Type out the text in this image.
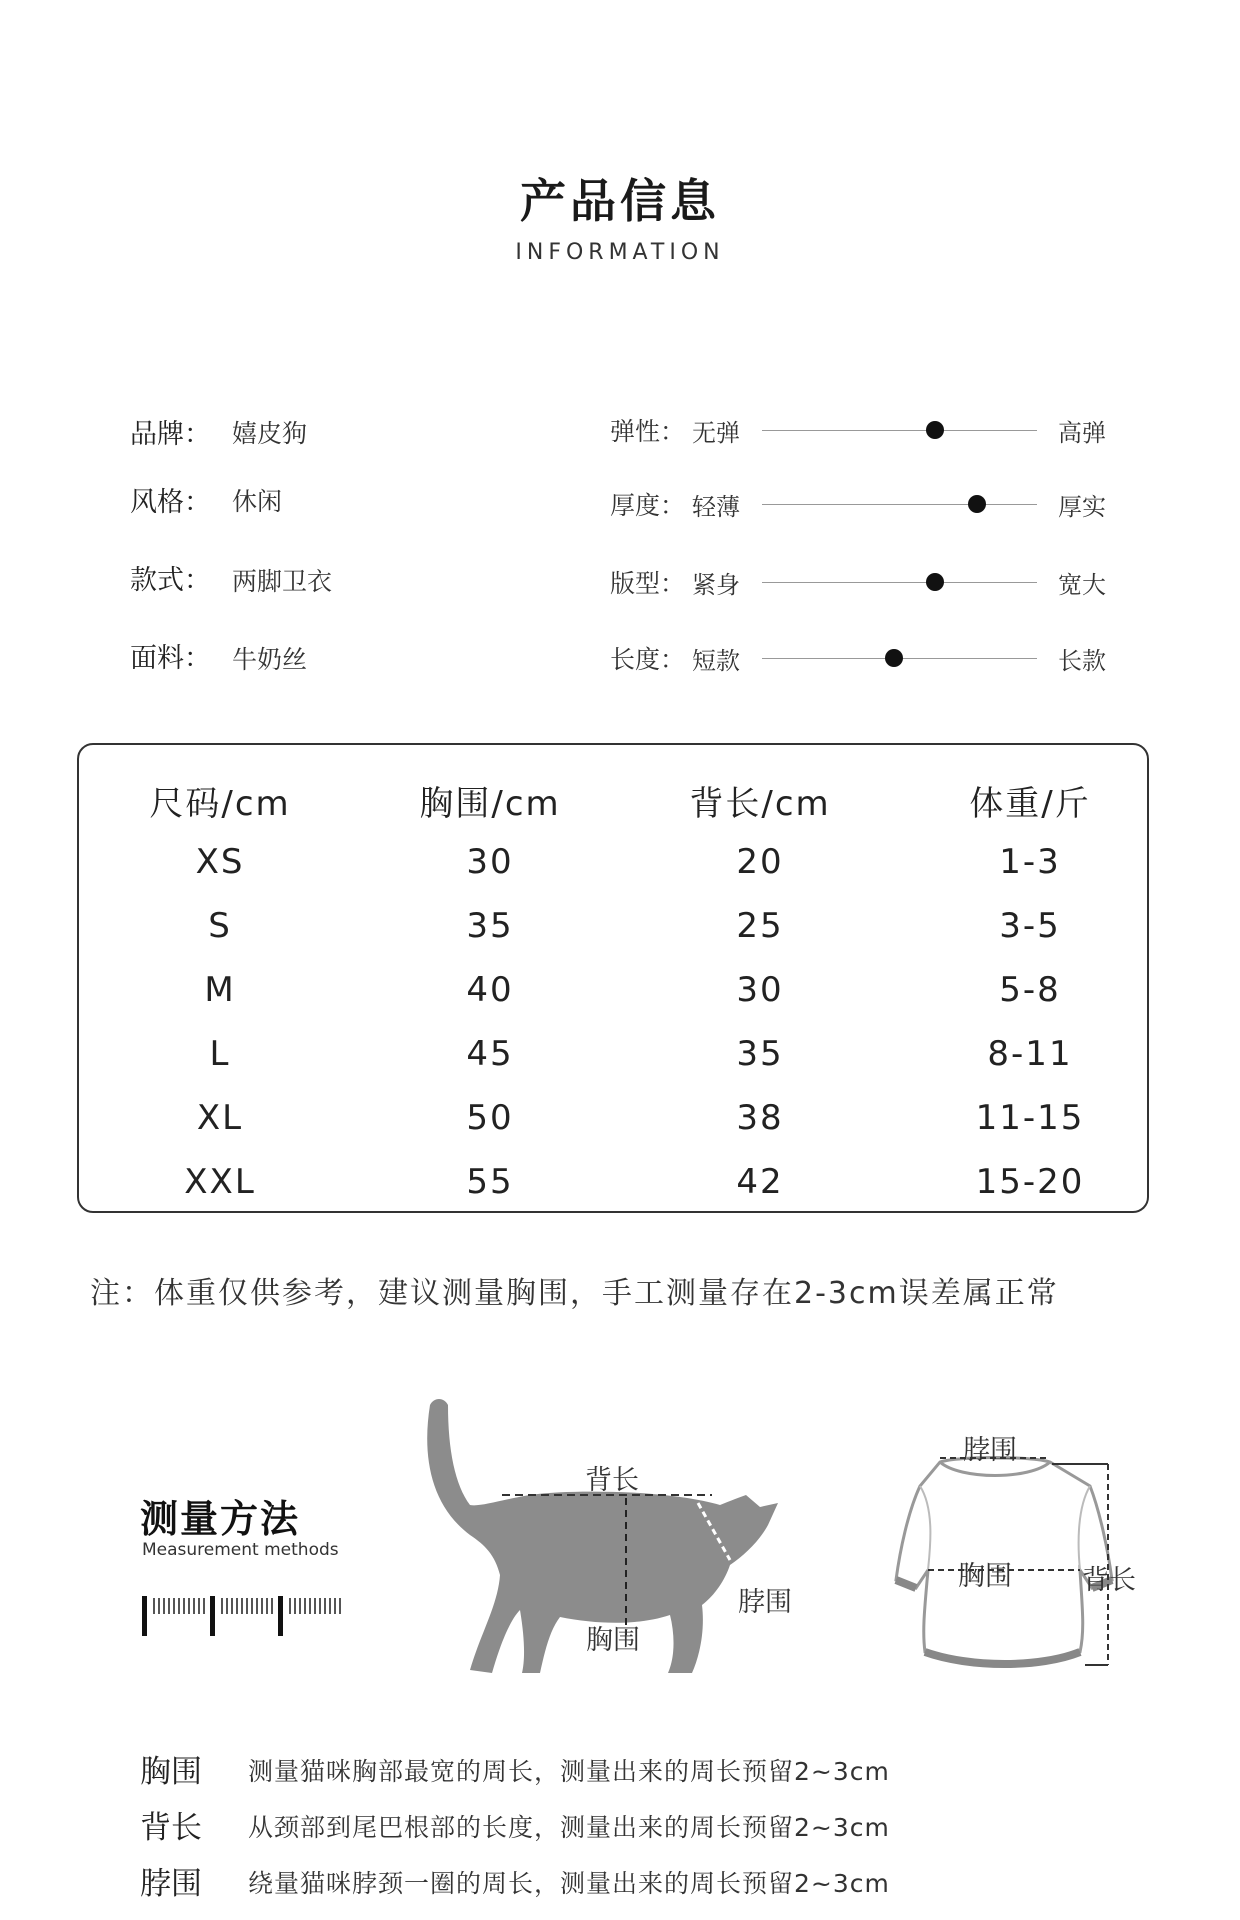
产品信息
INFORMATION
品牌： 嬉皮狗
风格： 休闲
款式： 两脚卫衣
面料： 牛奶丝
弹性： 无弹	高弹
厚度： 轻薄	厚实
版型： 紧身	宽大
长度： 短款	长款
尺码/cm	胸围/cm	背长/cm	体重/斤
XS	30	20	1-3
S	35	25	3-5
M	40	30	5-8
L	45	35	8-11
XL	50	38	11-15
XXL	55	42	15-20
注：体重仅供参考，建议测量胸围，手工测量存在2-3cm误差属正常
测量方法
Measurement methods
背长
胸围
脖围
脖围
胸围	背长
胸围 测量猫咪胸部最宽的周长，测量出来的周长预留2~3cm
背长 从颈部到尾巴根部的长度，测量出来的周长预留2~3cm
脖围 绕量猫咪脖颈一圈的周长，测量出来的周长预留2~3cm
